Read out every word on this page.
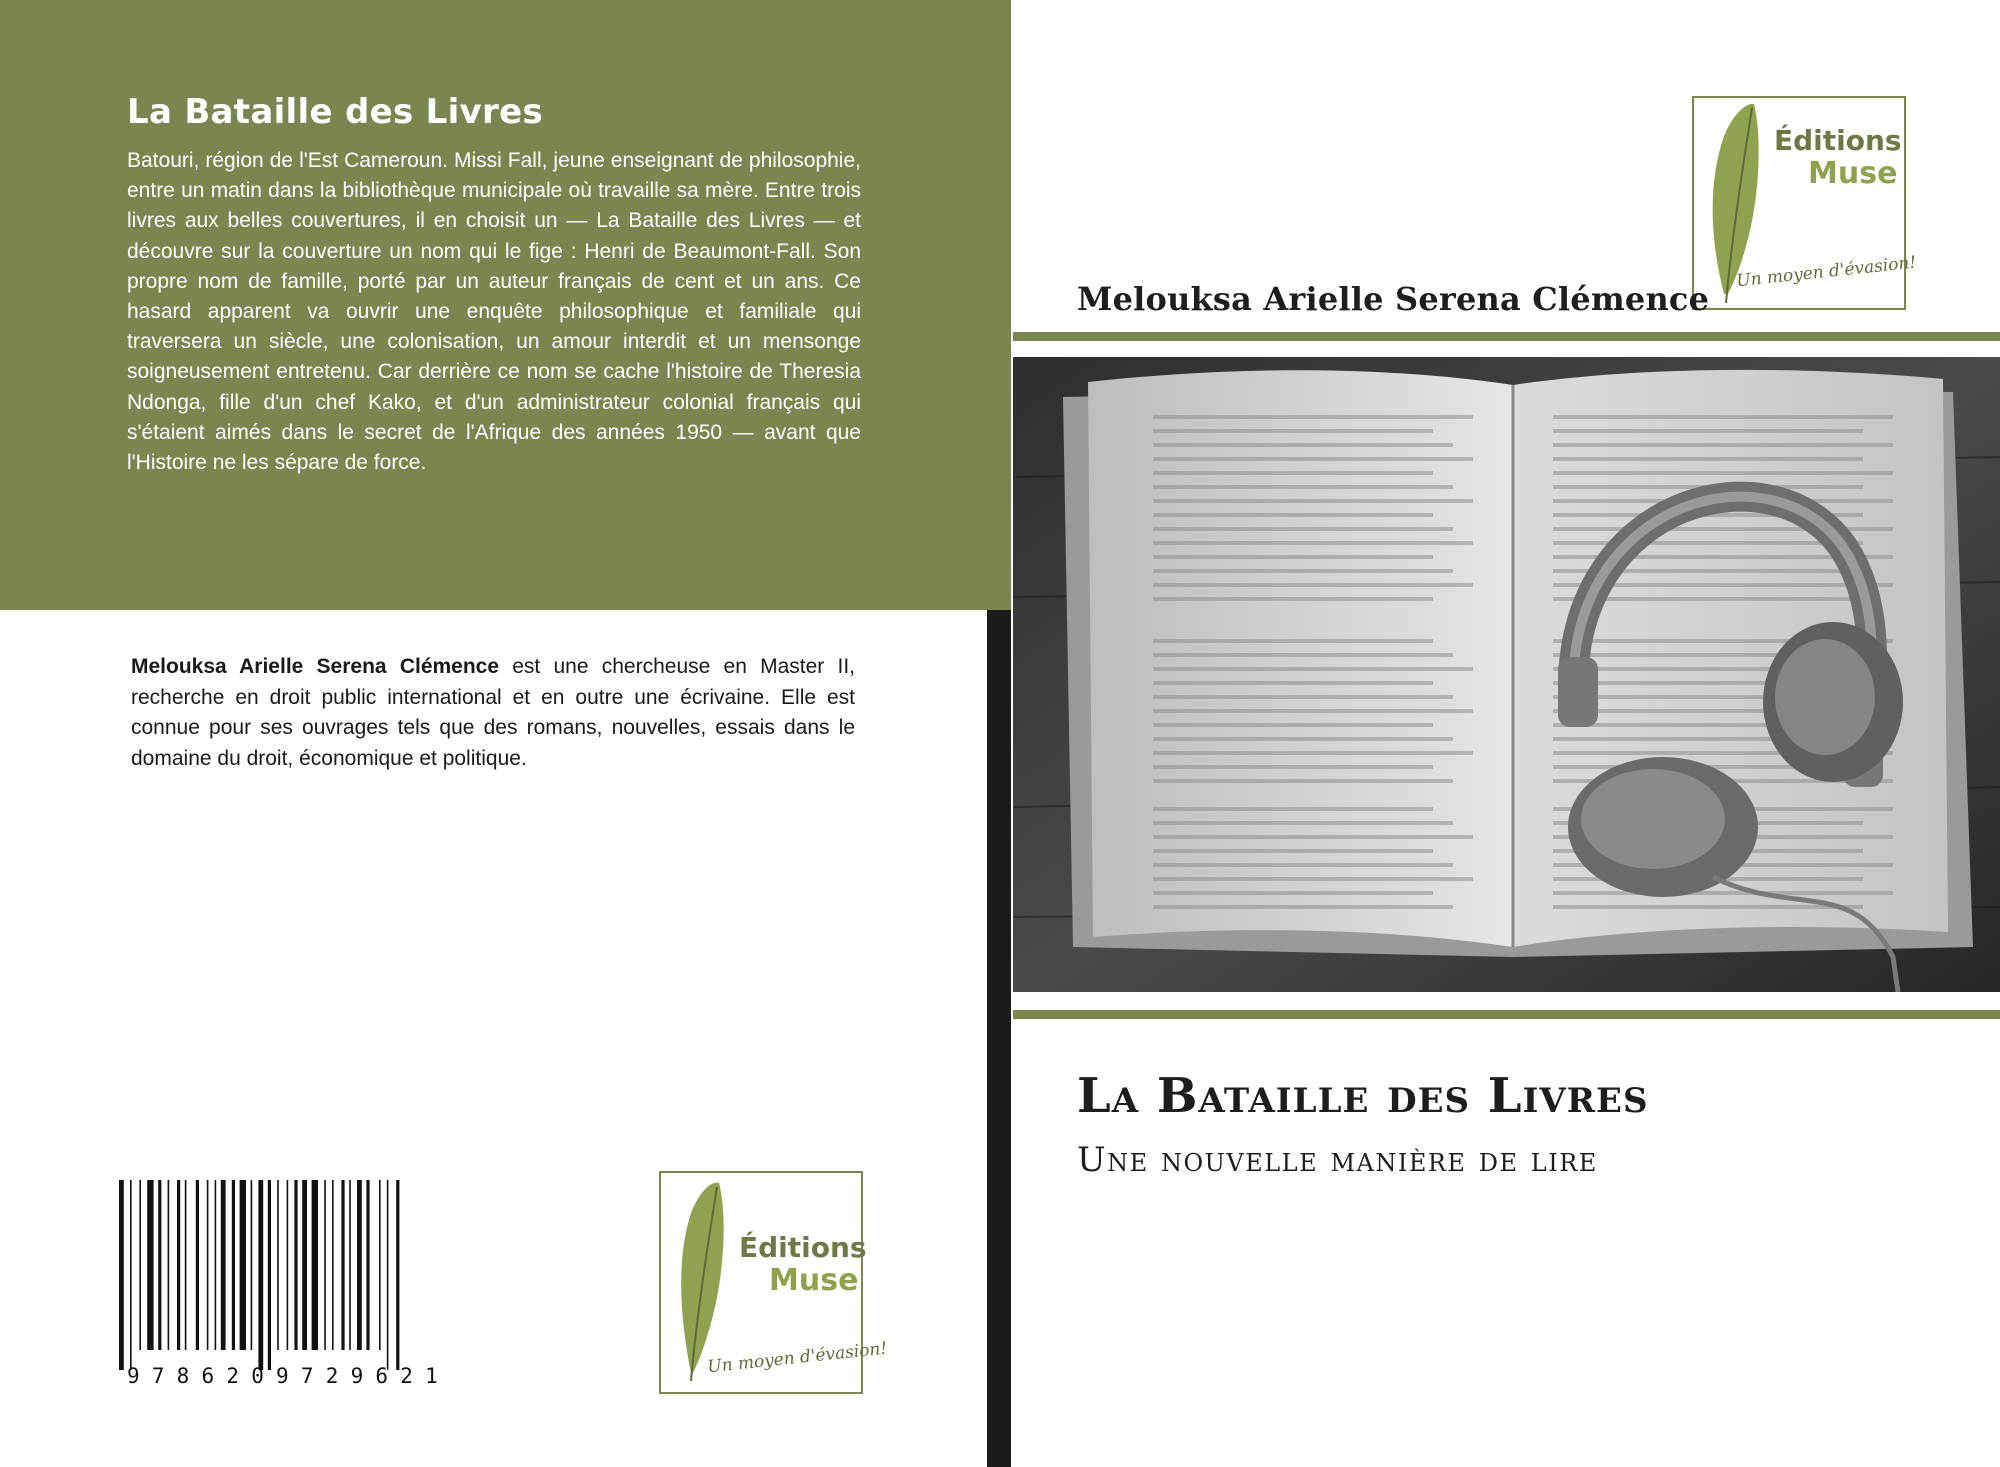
La Bataille des Livres

Batouri, région de l'Est Cameroun. Missi Fall, jeune enseignant de philosophie, entre un matin dans la bibliothèque municipale où travaille sa mère. Entre trois livres aux belles couvertures, il en choisit un — La Bataille des Livres — et découvre sur la couverture un nom qui le fige : Henri de Beaumont-Fall. Son propre nom de famille, porté par un auteur français de cent et un ans. Ce hasard apparent va ouvrir une enquête philosophique et familiale qui traversera un siècle, une colonisation, un amour interdit et un mensonge soigneusement entretenu. Car derrière ce nom se cache l'histoire de Theresia Ndonga, fille d'un chef Kako, et d'un administrateur colonial français qui s'étaient aimés dans le secret de l'Afrique des années 1950 — avant que l'Histoire ne les sépare de force.

Melouksa Arielle Serena Clémence est une chercheuse en Master II, recherche en droit public international et en outre une écrivaine. Elle est connue pour ses ouvrages tels que des romans, nouvelles, essais dans le domaine du droit, économique et politique.

9786209729621
Éditions
Muse
Un moyen d'évasion!
Éditions
Muse
Un moyen d'évasion!
Melouksa Arielle Serena Clémence
La Bataille des Livres
Une nouvelle manière de lire
